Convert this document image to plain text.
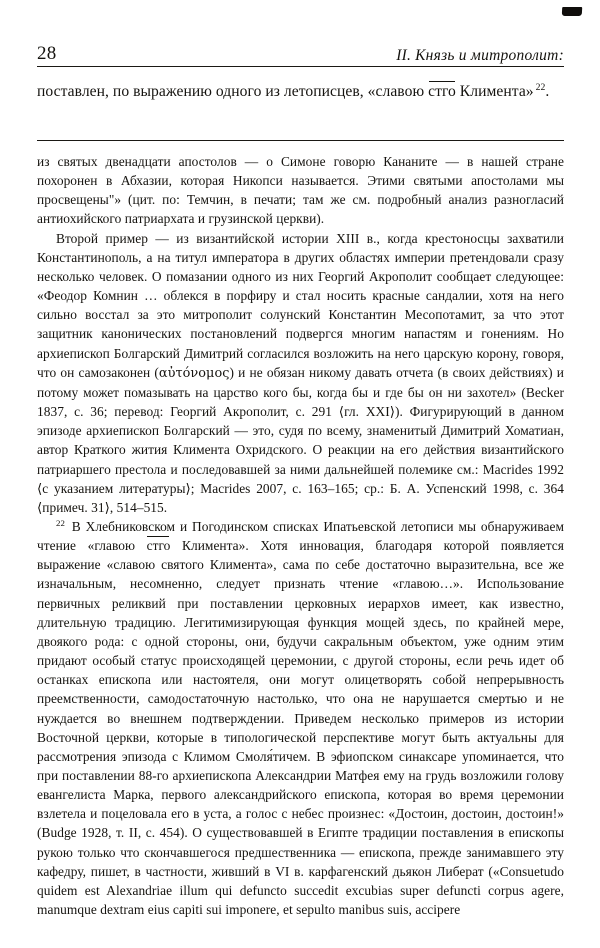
28	II. Князь и митрополит:

поставлен, по выражению одного из летописцев, «славою стго Климента» $^{22}$.

из святых двенадцати апостолов — о Симоне говорю Кананите — в нашей стране похоронен в Абхазии, которая Никопси называется. Этими святыми апостолами мы просвещены"» (цит. по: Темчин, в печати; там же см. подробный анализ разногласий антиохийского патриархата и грузинской церкви).

Второй пример — из византийской истории XIII в., когда крестоносцы захватили Константинополь, а на титул императора в других областях империи претендовали сразу несколько человек. О помазании одного из них Георгий Акрополит сообщает следующее: «Феодор Комнин … облекся в порфиру и стал носить красные сандалии, хотя на него сильно восстал за это митрополит солунский Константин Месопотамит, за что этот защитник канонических постановлений подвергся многим напастям и гонениям. Но архиепископ Болгарский Димитрий согласился возложить на него царскую корону, говоря, что он самозаконен (αὐτόνομος) и не обязан никому давать отчета (в своих действиях) и потому может помазывать на царство кого бы, когда бы и где бы он ни захотел» (Becker 1837, с. 36; перевод: Георгий Акрополит, с. 291 ⟨гл. XXI⟩). Фигурирующий в данном эпизоде архиепископ Болгарский — это, судя по всему, знаменитый Димитрий Хоматиан, автор Краткого жития Климента Охридского. О реакции на его действия византийского патриаршего престола и последовавшей за ними дальнейшей полемике см.: Macrides 1992 ⟨с указанием литературы⟩; Macrides 2007, с. 163–165; ср.: Б. А. Успенский 1998, с. 364 ⟨примеч. 31⟩, 514–515.

$^{22}$ В Хлебниковском и Погодинском списках Ипатьевской летописи мы обнаруживаем чтение «главою стго Климента». Хотя инновация, благодаря которой появляется выражение «славою святого Климента», сама по себе достаточно выразительна, все же изначальным, несомненно, следует признать чтение «главою…». Использование первичных реликвий при поставлении церковных иерархов имеет, как известно, длительную традицию. Легитимизирующая функция мощей здесь, по крайней мере, двоякого рода: с одной стороны, они, будучи сакральным объектом, уже одним этим придают особый статус происходящей церемонии, с другой стороны, если речь идет об останках епископа или настоятеля, они могут олицетворять собой непрерывность преемственности, самодостаточную настолько, что она не нарушается смертью и не нуждается во внешнем подтверждении. Приведем несколько примеров из истории Восточной церкви, которые в типологической перспективе могут быть актуальны для рассмотрения эпизода с Климом Смоля́тичем. В эфиопском синаксаре упоминается, что при поставлении 88-го архиепископа Александрии Матфея ему на грудь возложили голову евангелиста Марка, первого александрийского епископа, которая во время церемонии взлетела и поцеловала его в уста, а голос с небес произнес: «Достоин, достоин, достоин!» (Budge 1928, т. II, с. 454). О существовавшей в Египте традиции поставления в епископы рукою только что скончавшегося предшественника — епископа, прежде занимавшего эту кафедру, пишет, в частности, живший в VI в. карфагенский дьякон Либерат («Consuetudo quidem est Alexandriae illum qui defuncto succedit excubias super defuncti corpus agere, manumque dextram eius capiti sui imponere, et sepulto manibus suis, accipere
